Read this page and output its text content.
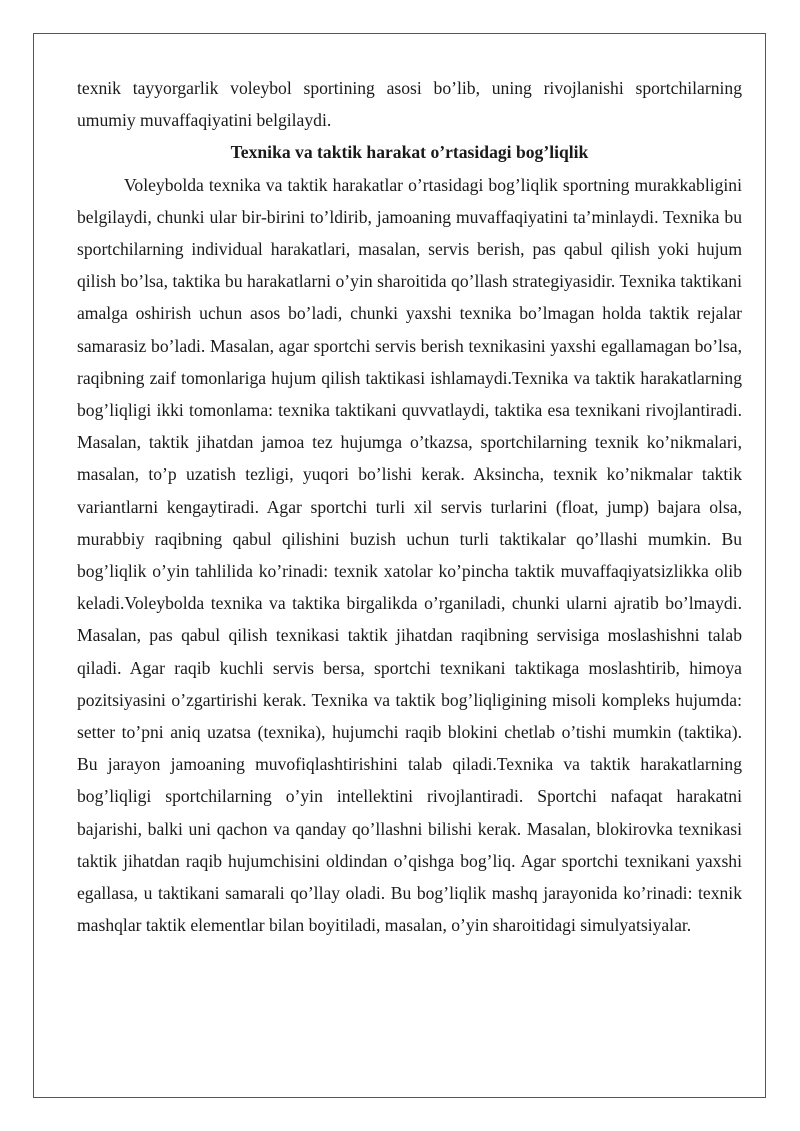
texnik tayyorgarlik voleybol sportining asosi bo’lib, uning rivojlanishi sportchilarning umumiy muvaffaqiyatini belgilaydi.

Texnika va taktik harakat o’rtasidagi bog’liqlik

Voleybolda texnika va taktik harakatlar o’rtasidagi bog’liqlik sportning murakkabligini belgilaydi, chunki ular bir-birini to’ldirib, jamoaning muvaffaqiyatini ta’minlaydi. Texnika bu sportchilarning individual harakatlari, masalan, servis berish, pas qabul qilish yoki hujum qilish bo’lsa, taktika bu harakatlarni o’yin sharoitida qo’llash strategiyasidir. Texnika taktikani amalga oshirish uchun asos bo’ladi, chunki yaxshi texnika bo’lmagan holda taktik rejalar samarasiz bo’ladi. Masalan, agar sportchi servis berish texnikasini yaxshi egallamagan bo’lsa, raqibning zaif tomonlariga hujum qilish taktikasi ishlamaydi.Texnika va taktik harakatlarning bog’liqligi ikki tomonlama: texnika taktikani quvvatlaydi, taktika esa texnikani rivojlantiradi. Masalan, taktik jihatdan jamoa tez hujumga o’tkazsa, sportchilarning texnik ko’nikmalari, masalan, to’p uzatish tezligi, yuqori bo’lishi kerak. Aksincha, texnik ko’nikmalar taktik variantlarni kengaytiradi. Agar sportchi turli xil servis turlarini (float, jump) bajara olsa, murabbiy raqibning qabul qilishini buzish uchun turli taktikalar qo’llashi mumkin. Bu bog’liqlik o’yin tahlilida ko’rinadi: texnik xatolar ko’pincha taktik muvaffaqiyatsizlikka olib keladi.Voleybolda texnika va taktika birgalikda o’rganiladi, chunki ularni ajratib bo’lmaydi. Masalan, pas qabul qilish texnikasi taktik jihatdan raqibning servisiga moslashishni talab qiladi. Agar raqib kuchli servis bersa, sportchi texnikani taktikaga moslashtirib, himoya pozitsiyasini o’zgartirishi kerak. Texnika va taktik bog’liqligining misoli kompleks hujumda: setter to’pni aniq uzatsa (texnika), hujumchi raqib blokini chetlab o’tishi mumkin (taktika). Bu jarayon jamoaning muvofiqlashtirishini talab qiladi.Texnika va taktik harakatlarning bog’liqligi sportchilarning o’yin intellektini rivojlantiradi. Sportchi nafaqat harakatni bajarishi, balki uni qachon va qanday qo’llashni bilishi kerak. Masalan, blokirovka texnikasi taktik jihatdan raqib hujumchisini oldindan o’qishga bog’liq. Agar sportchi texnikani yaxshi egallasa, u taktikani samarali qo’llay oladi. Bu bog’liqlik mashq jarayonida ko’rinadi: texnik mashqlar taktik elementlar bilan boyitiladi, masalan, o’yin sharoitidagi simulyatsiyalar.
